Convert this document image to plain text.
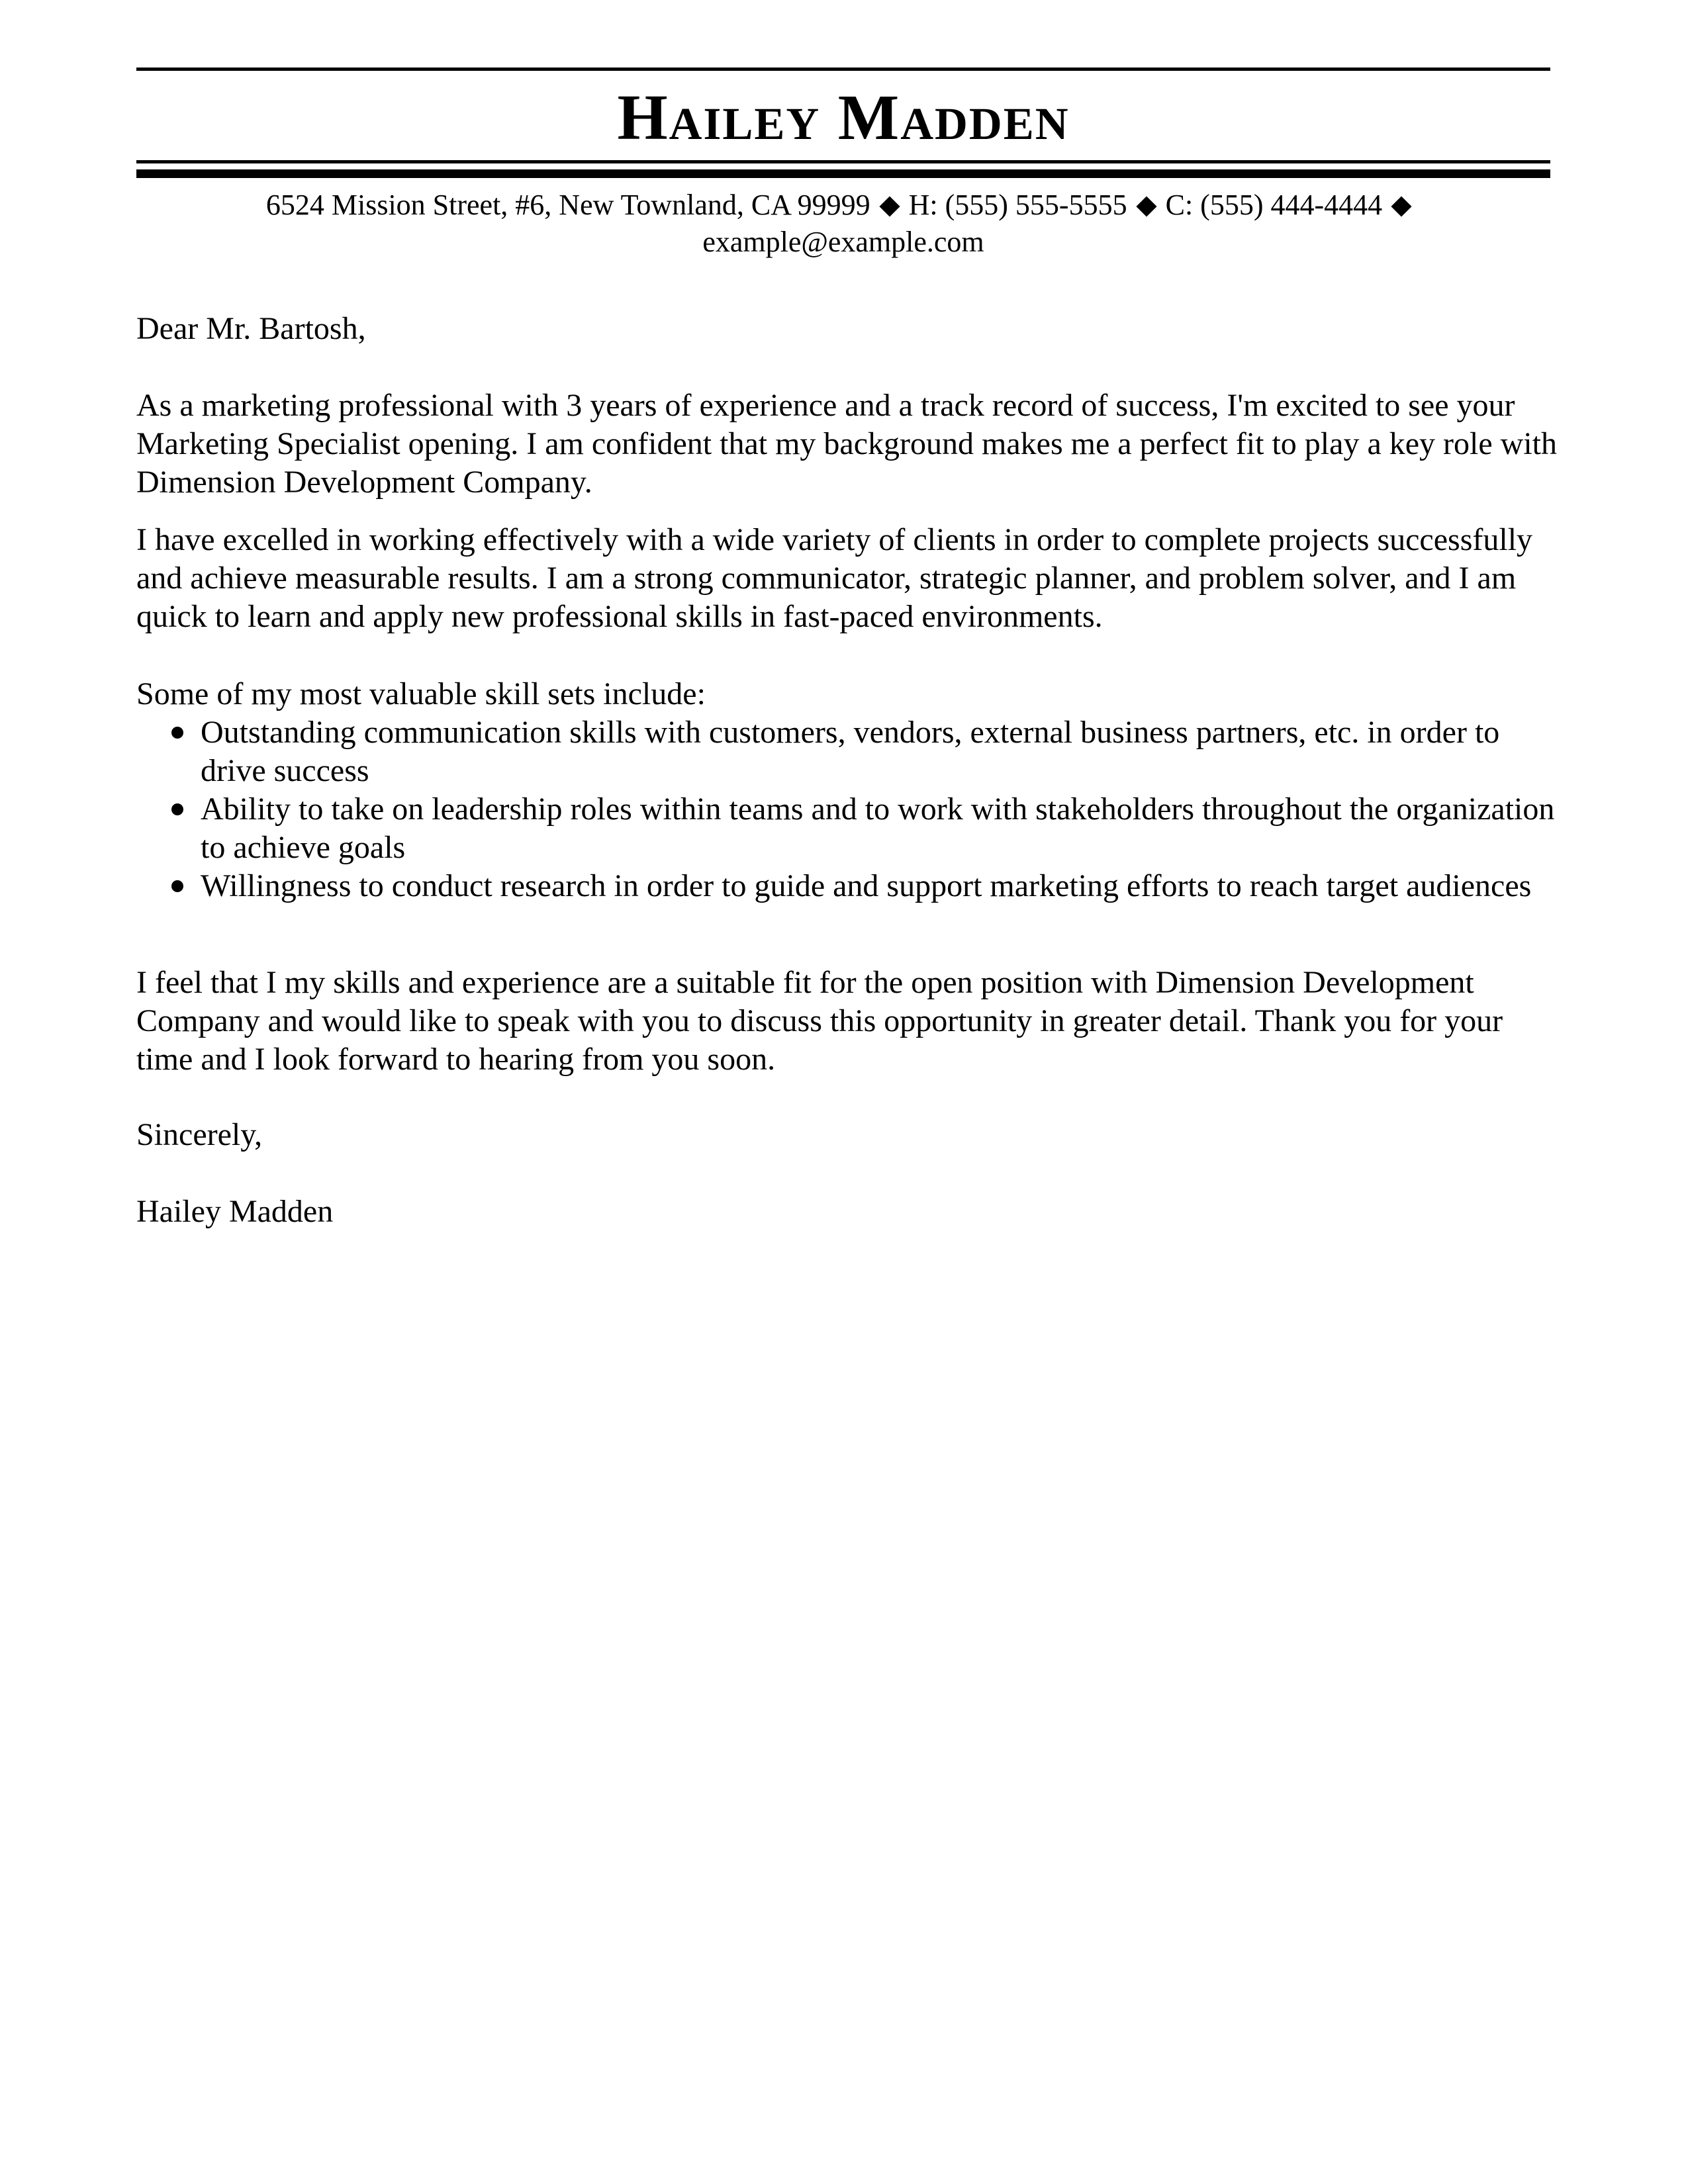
Hailey Madden
6524 Mission Street, #6, New Townland, CA 99999 H: (555) 555-5555 C: (555) 444-4444
example@example.com

Dear Mr. Bartosh,

As a marketing professional with 3 years of experience and a track record of success, I'm excited to see your Marketing Specialist opening. I am confident that my background makes me a perfect fit to play a key role with Dimension Development Company.

I have excelled in working effectively with a wide variety of clients in order to complete projects successfully and achieve measurable results. I am a strong communicator, strategic planner, and problem solver, and I am quick to learn and apply new professional skills in fast-paced environments.

Some of my most valuable skill sets include:

Outstanding communication skills with customers, vendors, external business partners, etc. in order to drive success
Ability to take on leadership roles within teams and to work with stakeholders throughout the organization to achieve goals
Willingness to conduct research in order to guide and support marketing efforts to reach target audiences

I feel that I my skills and experience are a suitable fit for the open position with Dimension Development Company and would like to speak with you to discuss this opportunity in greater detail. Thank you for your time and I look forward to hearing from you soon.

Sincerely,

Hailey Madden
